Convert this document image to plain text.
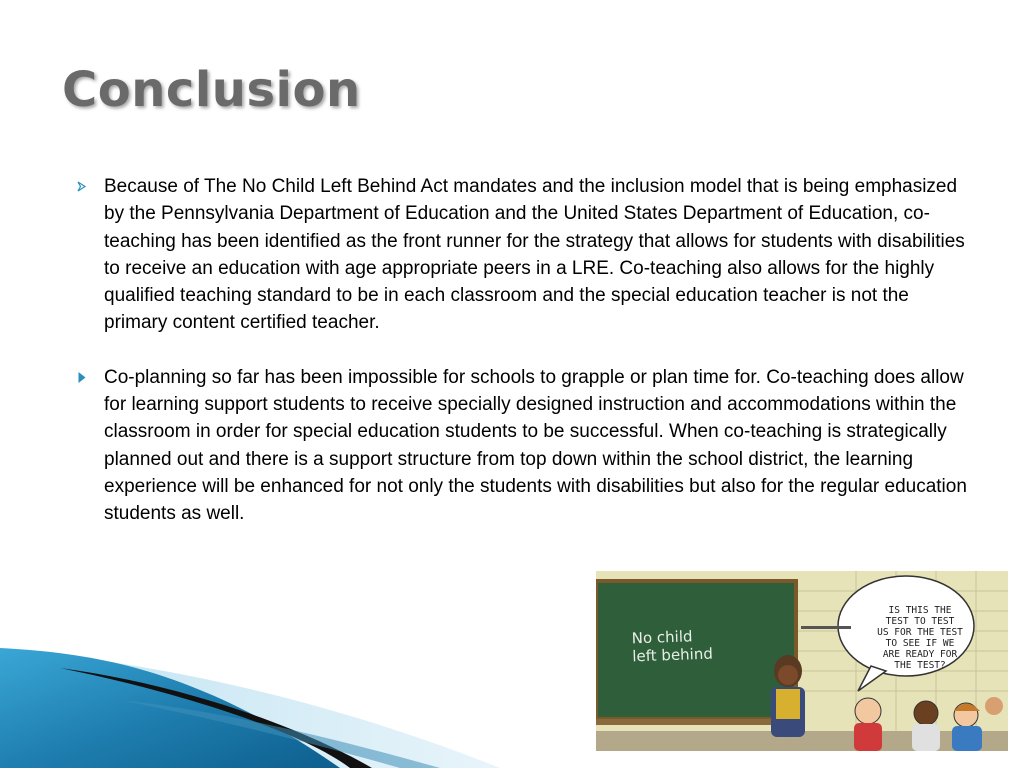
Conclusion
Because of The No Child Left Behind Act mandates and the inclusion model that is being emphasized by the Pennsylvania Department of Education and the United States Department of Education, co-teaching has been identified as the front runner for the strategy that allows for students with disabilities to receive an education with age appropriate peers in a LRE. Co-teaching also allows for the highly qualified teaching standard to be in each classroom and the special education teacher is not the primary content certified teacher.
Co-planning so far has been impossible for schools to grapple or plan time for. Co-teaching does allow for learning support students to receive specially designed instruction and accommodations within the classroom in order for special education students to be successful. When co-teaching is strategically planned out and there is a support structure from top down within the school district, the learning experience will be enhanced for not only the students with disabilities but also for the regular education students as well.
No child
left behind
IS THIS THE
TEST TO TEST
US FOR THE TEST
TO SEE IF WE
ARE READY FOR
THE TEST?
